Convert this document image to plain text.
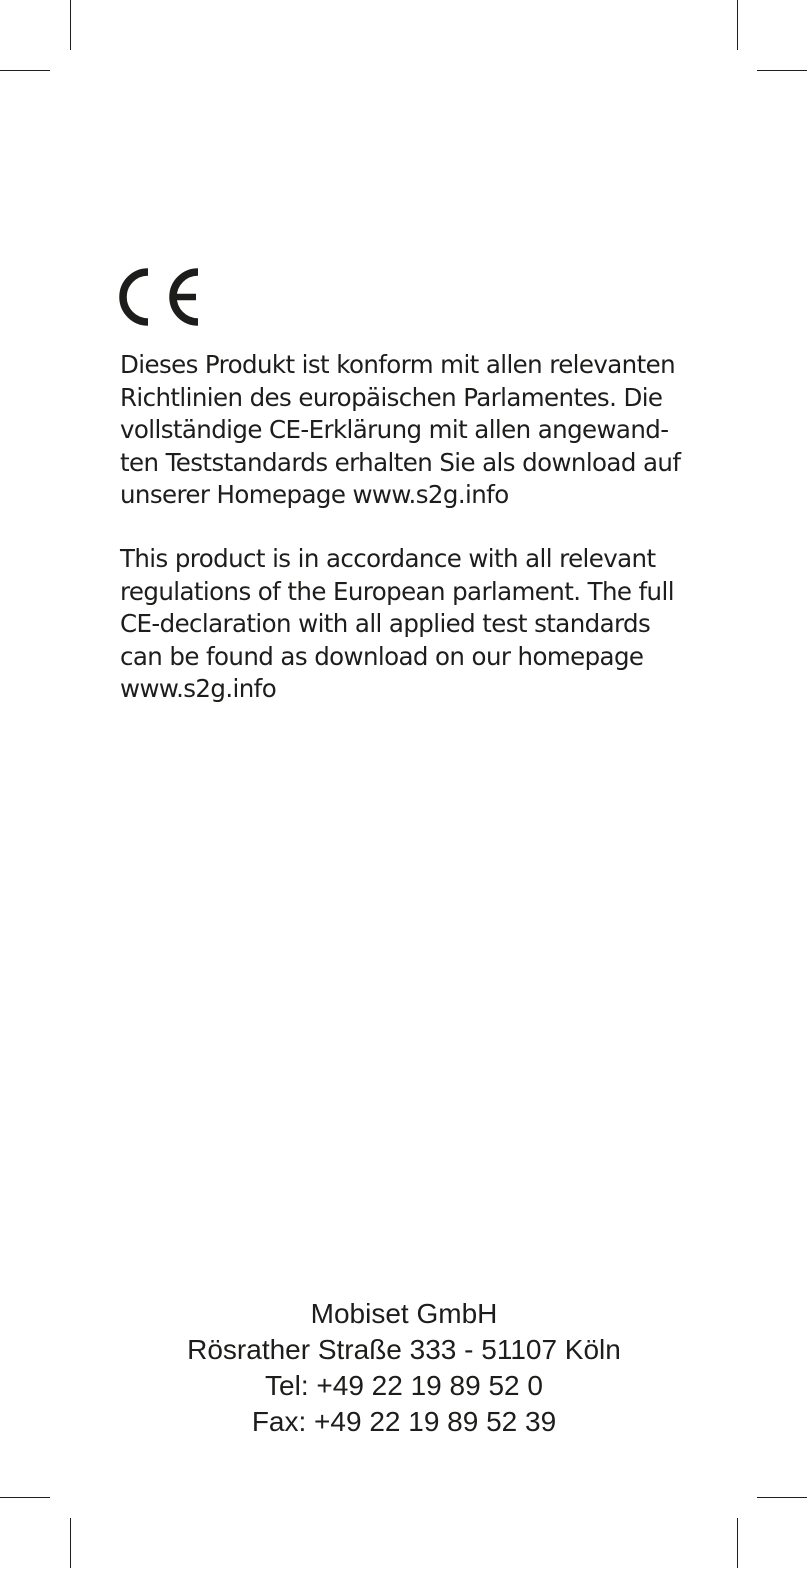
Dieses Produkt ist konform mit allen relevanten
Richtlinien des europäischen Parlamentes. Die
vollständige CE-Erklärung mit allen angewand-
ten Teststandards erhalten Sie als download auf
unserer Homepage www.s2g.info

This product is in accordance with all relevant
regulations of the European parlament. The full
CE-declaration with all applied test standards
can be found as download on our homepage
www.s2g.info

Mobiset GmbH
Rösrather Straße 333 - 51107 Köln
Tel: +49 22 19 89 52 0
Fax: +49 22 19 89 52 39
